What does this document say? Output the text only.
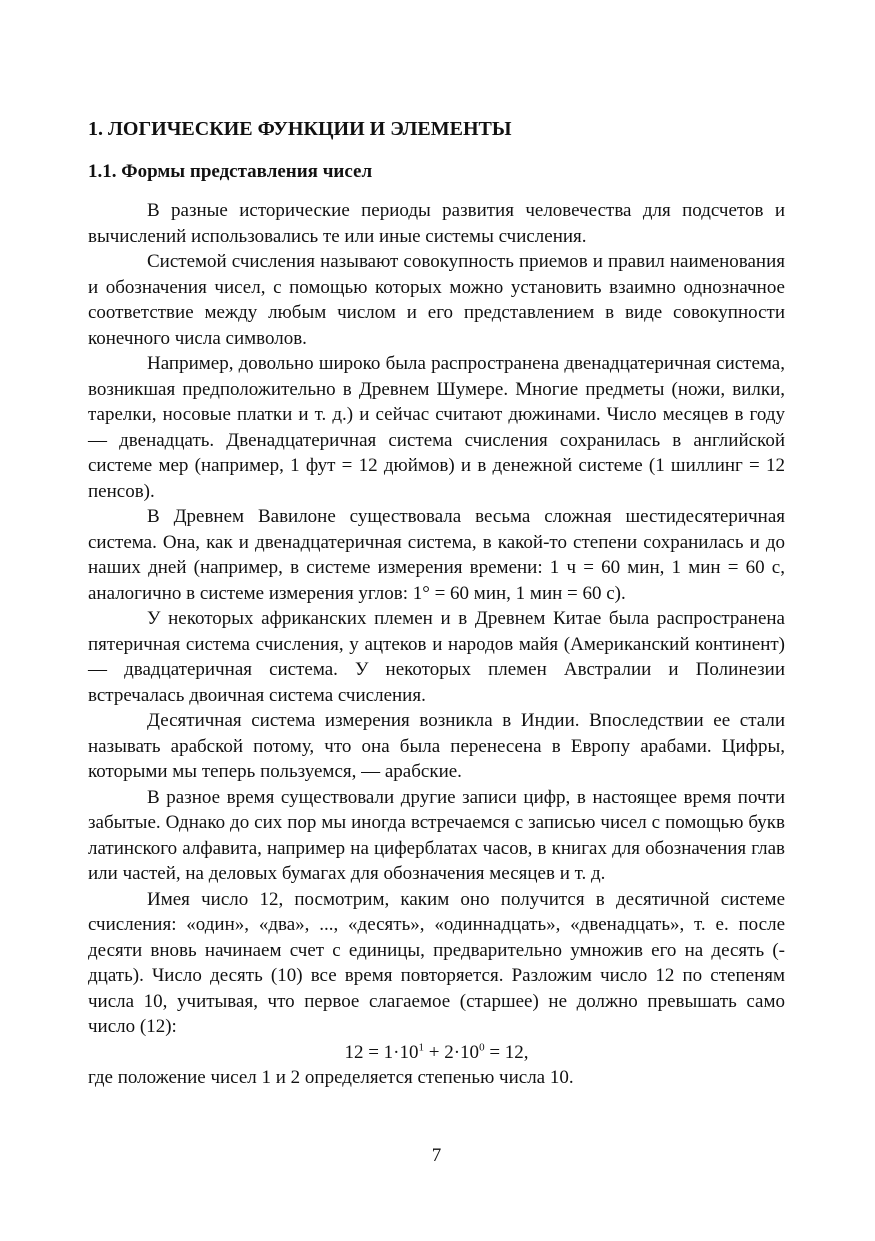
1. ЛОГИЧЕСКИЕ ФУНКЦИИ И ЭЛЕМЕНТЫ
1.1. Формы представления чисел

В разные исторические периоды развития человечества для подсчетов и вычислений использовались те или иные системы счисления.

Системой счисления называют совокупность приемов и правил наименования и обозначения чисел, с помощью которых можно установить взаимно однозначное соответствие между любым числом и его представлением в виде совокупности конечного числа символов.

Например, довольно широко была распространена двенадцатеричная система, возникшая предположительно в Древнем Шумере. Многие предметы (ножи, вилки, тарелки, носовые платки и т. д.) и сейчас считают дюжинами. Число месяцев в году — двенадцать. Двенадцатеричная система счисления сохранилась в английской системе мер (например, 1 фут = 12 дюймов) и в денежной системе (1 шиллинг = 12 пенсов).

В Древнем Вавилоне существовала весьма сложная шестидесятеричная система. Она, как и двенадцатеричная система, в какой-то степени сохранилась и до наших дней (например, в системе измерения времени: 1 ч = 60 мин, 1 мин = 60 с, аналогично в системе измерения углов: 1° = 60 мин, 1 мин = 60 с).

У некоторых африканских племен и в Древнем Китае была распространена пятеричная система счисления, у ацтеков и народов майя (Американский континент) — двадцатеричная система. У некоторых племен Австралии и Полинезии встречалась двоичная система счисления.

Десятичная система измерения возникла в Индии. Впоследствии ее стали называть арабской потому, что она была перенесена в Европу арабами. Цифры, которыми мы теперь пользуемся, — арабские.

В разное время существовали другие записи цифр, в настоящее время почти забытые. Однако до сих пор мы иногда встречаемся с записью чисел с помощью букв латинского алфавита, например на циферблатах часов, в книгах для обозначения глав или частей, на деловых бумагах для обозначения месяцев и т. д.

Имея число 12, посмотрим, каким оно получится в десятичной системе счисления: «один», «два», ..., «десять», «одиннадцать», «двенадцать», т. е. после десяти вновь начинаем счет с единицы, предварительно умножив его на десять (-дцать). Число десять (10) все время повторяется. Разложим число 12 по степеням числа 10, учитывая, что первое слагаемое (старшее) не должно превышать само число (12):

$12 = 1\cdot 10^1 + 2\cdot 10^0 = 12$,

где положение чисел 1 и 2 определяется степенью числа 10.

7
